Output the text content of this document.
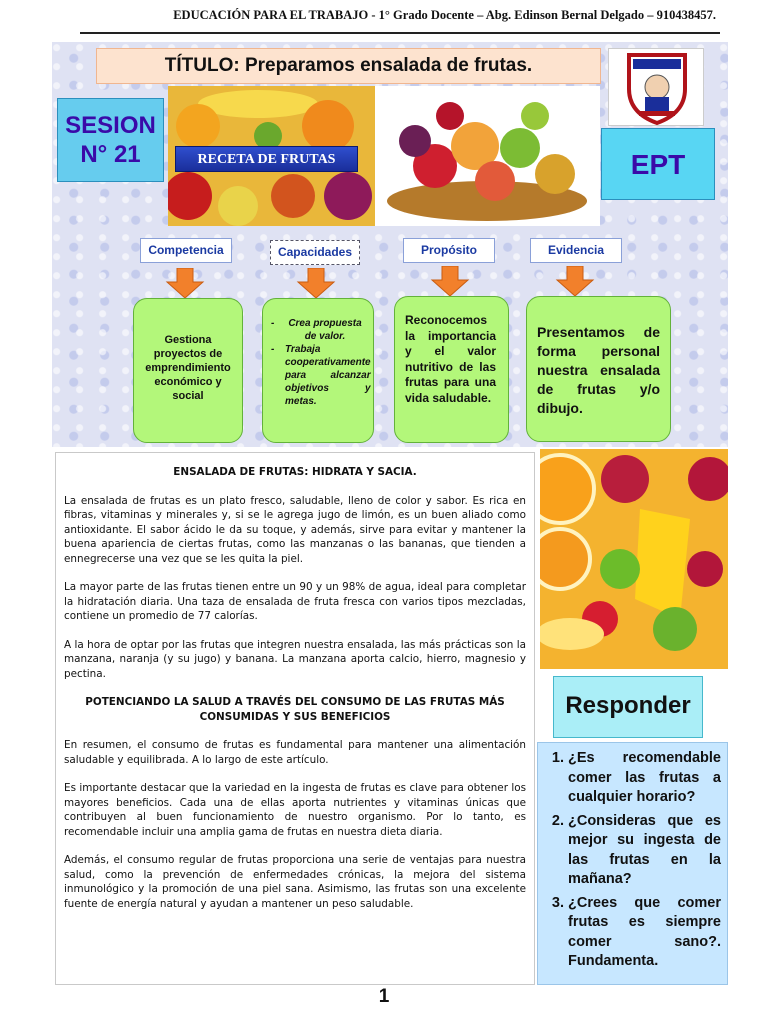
EDUCACIÓN PARA EL TRABAJO - 1° Grado Docente – Abg. Edinson Bernal Delgado – 910438457.
TÍTULO: Preparamos ensalada de frutas.
SESION
N° 21	EPT
RECETA DE FRUTAS
Competencia	Capacidades	Propósito	Evidencia
Gestiona proyectos de emprendimiento económico y social
-	Crea propuesta de valor.
-	Trabaja cooperativamente para alcanzar objetivos y metas.
Reconocemos la importancia y el valor nutritivo de las frutas para una vida saludable.
Presentamos de forma personal nuestra ensalada de frutas y/o dibujo.

ENSALADA DE FRUTAS: HIDRATA Y SACIA.

La ensalada de frutas es un plato fresco, saludable, lleno de color y sabor. Es rica en fibras, vitaminas y minerales y, si se le agrega jugo de limón, es un buen aliado como antioxidante. El sabor ácido le da su toque, y además, sirve para evitar y mantener la buena apariencia de ciertas frutas, como las manzanas o las bananas, que tienden a ennegrecerse una vez que se les quita la piel.

La mayor parte de las frutas tienen entre un 90 y un 98% de agua, ideal para completar la hidratación diaria. Una taza de ensalada de fruta fresca con varios tipos mezcladas, contiene un promedio de 77 calorías.

A la hora de optar por las frutas que integren nuestra ensalada, las más prácticas son la manzana, naranja (y su jugo) y banana. La manzana aporta calcio, hierro, magnesio y pectina.

POTENCIANDO LA SALUD A TRAVÉS DEL CONSUMO DE LAS FRUTAS MÁS CONSUMIDAS Y SUS BENEFICIOS

En resumen, el consumo de frutas es fundamental para mantener una alimentación saludable y equilibrada. A lo largo de este artículo.

Es importante destacar que la variedad en la ingesta de frutas es clave para obtener los mayores beneficios. Cada una de ellas aporta nutrientes y vitaminas únicas que contribuyen al buen funcionamiento de nuestro organismo. Por lo tanto, es recomendable incluir una amplia gama de frutas en nuestra dieta diaria.

Además, el consumo regular de frutas proporciona una serie de ventajas para nuestra salud, como la prevención de enfermedades crónicas, la mejora del sistema inmunológico y la promoción de una piel sana. Asimismo, las frutas son una excelente fuente de energía natural y ayudan a mantener un peso saludable.

Responder
1. ¿Es recomendable comer las frutas a cualquier horario?
2. ¿Consideras que es mejor su ingesta de las frutas en la mañana?
3. ¿Crees que comer frutas es siempre comer sano?. Fundamenta.
1
